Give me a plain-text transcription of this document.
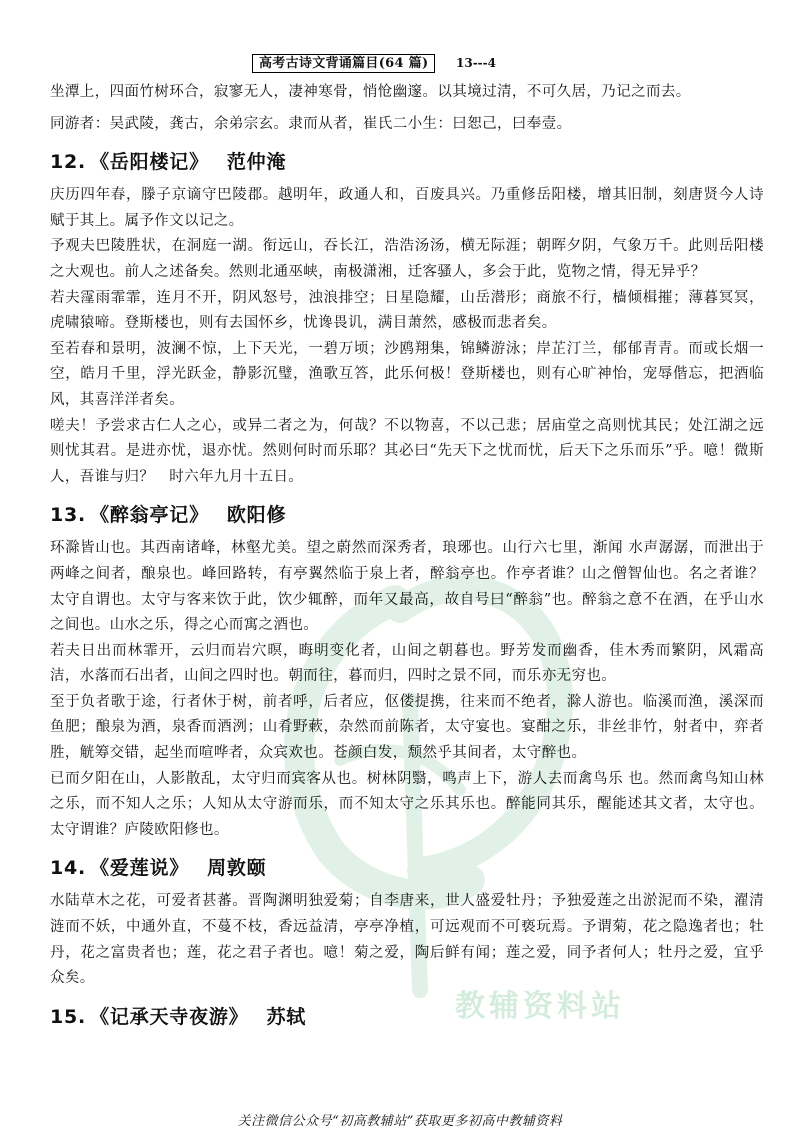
高考古诗文背诵篇目(64 篇)	13---4
教辅资料站

坐潭上，四面竹树环合，寂寥无人，凄神寒骨，悄怆幽邃。以其境过清，不可久居，乃记之而去。

同游者：吴武陵，龚古，余弟宗玄。隶而从者，崔氏二小生：曰恕己，曰奉壹。

12. 《岳阳楼记》 范仲淹

庆历四年春，滕子京谪守巴陵郡。越明年，政通人和，百废具兴。乃重修岳阳楼，增其旧制，刻唐贤今人诗赋于其上。属予作文以记之。

予观夫巴陵胜状，在洞庭一湖。衔远山，吞长江，浩浩汤汤，横无际涯；朝晖夕阴，气象万千。此则岳阳楼之大观也。前人之述备矣。然则北通巫峡，南极潇湘，迁客骚人，多会于此，览物之情，得无异乎？

若夫霪雨霏霏，连月不开，阴风怒号，浊浪排空；日星隐耀，山岳潜形；商旅不行，樯倾楫摧；薄暮冥冥，虎啸猿啼。登斯楼也，则有去国怀乡，忧谗畏讥，满目萧然，感极而悲者矣。

至若春和景明，波澜不惊，上下天光，一碧万顷；沙鸥翔集，锦鳞游泳；岸芷汀兰，郁郁青青。而或长烟一空，皓月千里，浮光跃金，静影沉璧，渔歌互答，此乐何极！登斯楼也，则有心旷神怡，宠辱偕忘，把酒临风，其喜洋洋者矣。

嗟夫！予尝求古仁人之心，或异二者之为，何哉？不以物喜，不以己悲；居庙堂之高则忧其民；处江湖之远则忧其君。是进亦忧，退亦忧。然则何时而乐耶？其必曰“先天下之忧而忧，后天下之乐而乐”乎。噫！微斯人，吾谁与归？　时六年九月十五日。

13. 《醉翁亭记》 欧阳修

环滁皆山也。其西南诸峰，林壑尤美。望之蔚然而深秀者，琅琊也。山行六七里，渐闻 水声潺潺，而泄出于两峰之间者，酿泉也。峰回路转，有亭翼然临于泉上者，醉翁亭也。作亭者谁？山之僧智仙也。名之者谁？太守自谓也。太守与客来饮于此，饮少辄醉，而年又最高，故自号曰“醉翁”也。醉翁之意不在酒，在乎山水之间也。山水之乐，得之心而寓之酒也。

若夫日出而林霏开，云归而岩穴暝，晦明变化者，山间之朝暮也。野芳发而幽香，佳木秀而繁阴，风霜高洁，水落而石出者，山间之四时也。朝而往，暮而归，四时之景不同，而乐亦无穷也。

至于负者歌于途，行者休于树，前者呼，后者应，伛偻提携，往来而不绝者，滁人游也。临溪而渔，溪深而鱼肥；酿泉为酒，泉香而酒洌；山肴野蔌，杂然而前陈者，太守宴也。宴酣之乐，非丝非竹，射者中，弈者胜，觥筹交错，起坐而喧哗者，众宾欢也。苍颜白发，颓然乎其间者，太守醉也。

已而夕阳在山，人影散乱，太守归而宾客从也。树林阴翳，鸣声上下，游人去而禽鸟乐 也。然而禽鸟知山林之乐，而不知人之乐；人知从太守游而乐，而不知太守之乐其乐也。醉能同其乐，醒能述其文者，太守也。太守谓谁？庐陵欧阳修也。

14. 《爱莲说》 周敦颐

水陆草木之花，可爱者甚蕃。晋陶渊明独爱菊；自李唐来，世人盛爱牡丹；予独爱莲之出淤泥而不染，濯清涟而不妖，中通外直，不蔓不枝，香远益清，亭亭净植，可远观而不可亵玩焉。予谓菊，花之隐逸者也；牡丹，花之富贵者也；莲，花之君子者也。噫！菊之爱，陶后鲜有闻；莲之爱，同予者何人；牡丹之爱，宜乎众矣。

15. 《记承天寺夜游》 苏轼
关注微信公众号“初高教辅站”获取更多初高中教辅资料
